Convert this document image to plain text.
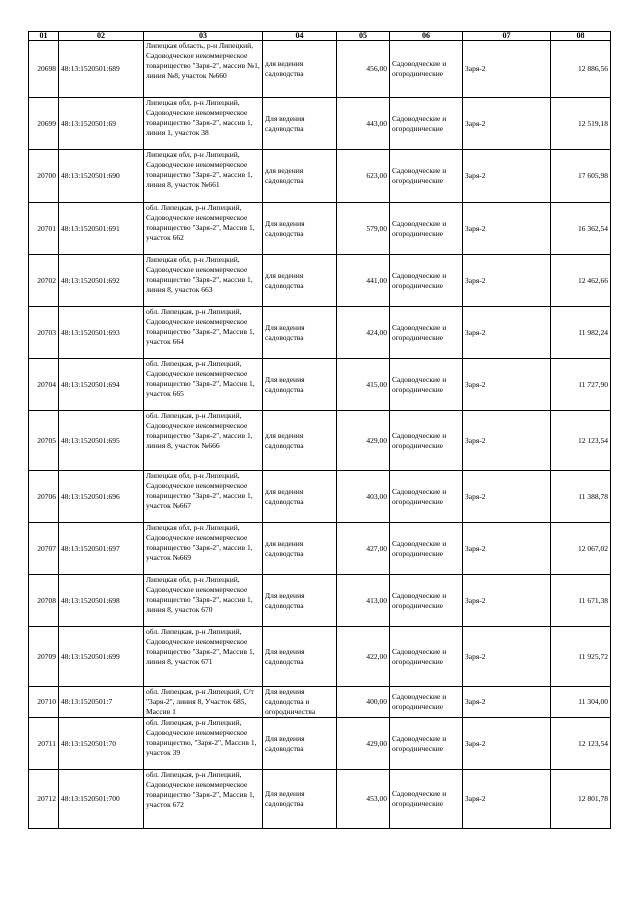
01	02	03	04	05	06	07	08
20698	48:13:1520501:689	Липецкая область, р-н Липецкий, Садоводческое некоммерческое товарищество "Заря-2", массив №1, линия №8, участок №660	для ведения садоводства	456,00	Садоводческие и огороднические	Заря-2	12 886,56
20699	48:13:1520501:69	Липецкая обл, р-н Липецкий, Садоводческое некоммерческое товарищество "Заря-2", массив 1, линия 1, участок 38	Для ведения садоводства	443,00	Садоводческие и огороднические	Заря-2	12 519,18
20700	48:13:1520501:690	Липецкая обл, р-н Липецкий, Садоводческое некоммерческое товарищество "Заря-2", массив 1, линия 8, участок №661	для ведения садоводства	623,00	Садоводческие и огороднические	Заря-2	17 605,98
20701	48:13:1520501:691	обл. Липецкая, р-н Липецкий, Садоводческое некоммерческое товарищество "Заря-2", Массив 1, участок 662	Для ведения садоводства	579,00	Садоводческие и огороднические	Заря-2	16 362,54
20702	48:13:1520501:692	Липецкая обл, р-н Липецкий, Садоводческое некоммерческое товарищество "Заря-2", массив 1, линия 8, участок 663	для ведения садоводства	441,00	Садоводческие и огороднические	Заря-2	12 462,66
20703	48:13:1520501:693	обл. Липецкая, р-н Липецкий, Садоводческое некоммерческое товарищество "Заря-2", Массив 1, участок 664	Для ведения садоводства	424,00	Садоводческие и огороднические	Заря-2	11 982,24
20704	48:13:1520501:694	обл. Липецкая, р-н Липецкий, Садоводческое некоммерческое товарищество "Заря-2", Массив 1, участок 665	Для ведения садоводства	415,00	Садоводческие и огороднические	Заря-2	11 727,90
20705	48:13:1520501:695	обл. Липецкая, р-н Липецкий, Садоводческое некоммерческое товарищество "Заря-2", массив 1, линия 8, участок №666	для ведения садоводства	429,00	Садоводческие и огороднические	Заря-2	12 123,54
20706	48:13:1520501:696	Липецкая обл, р-н Липецкий, Садоводческое некоммерческое товарищество "Заря-2", массив 1, участок №667	для ведения садоводства	403,00	Садоводческие и огороднические	Заря-2	11 388,78
20707	48:13:1520501:697	Липецкая обл, р-н Липецкий, Садоводческое некоммерческое товарищество "Заря-2", массив 1, участок №669	для ведения садоводства	427,00	Садоводческие и огороднические	Заря-2	12 067,02
20708	48:13:1520501:698	Липецкая обл, р-н Липецкий, Садоводческое некоммерческое товарищество "Заря-2", массив 1, линия 8, участок 670	Для ведения садоводства	413,00	Садоводческие и огороднические	Заря-2	11 671,38
20709	48:13:1520501:699	обл. Липецкая, р-н Липецкий, Садоводческое некоммерческое товарищество "Заря-2", Массив 1, линия 8, участок 671	Для ведения садоводства	422,00	Садоводческие и огороднические	Заря-2	11 925,72
20710	48:13:1520501:7	обл. Липецкая, р-н Липецкий, С/т "Заря-2", линия 8, Участок 685, Массив 1	Для ведения садоводства и огородничества	400,00	Садоводческие и огороднические	Заря-2	11 304,00
20711	48:13:1520501:70	обл. Липецкая, р-н Липецкий, Садоводческое некоммерческое товарищество, "Заря-2", Массив 1, участок 39	Для ведения садоводства	429,00	Садоводческие и огороднические	Заря-2	12 123,54
20712	48:13:1520501:700	обл. Липецкая, р-н Липецкий, Садоводческое некоммерческое товарищество "Заря-2", Массив 1, участок 672	Для ведения садоводства	453,00	Садоводческие и огороднические	Заря-2	12 801,78
